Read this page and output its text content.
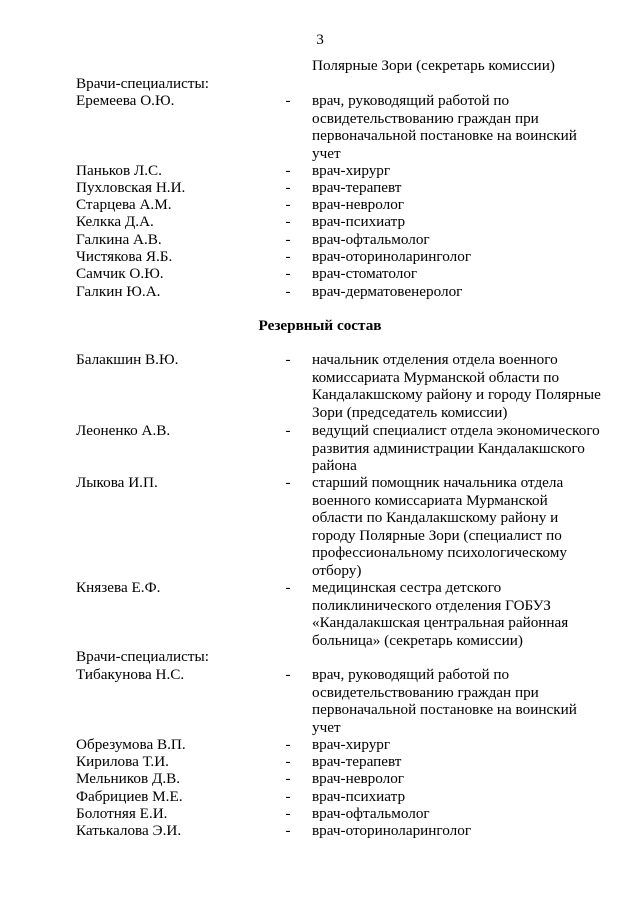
3
Полярные Зори (секретарь комиссии)
Врачи-специалисты:
Еремеева О.Ю.	- врач, руководящий работой по освидетельствованию граждан при первоначальной постановке на воинский учет
Паньков Л.С.	- врач-хирург
Пухловская Н.И.	- врач-терапевт
Старцева А.М.	- врач-невролог
Келкка Д.А.	- врач-психиатр
Галкина А.В.	- врач-офтальмолог
Чистякова Я.Б.	- врач-оториноларинголог
Самчик О.Ю.	- врач-стоматолог
Галкин Ю.А.	- врач-дерматовенеролог
Резервный состав
Балакшин В.Ю.	- начальник отделения отдела военного комиссариата Мурманской области по Кандалакшскому району и городу Полярные Зори (председатель комиссии)
Леоненко А.В.	- ведущий специалист отдела экономического развития администрации Кандалакшского района
Лыкова И.П.	- старший помощник начальника отдела военного комиссариата Мурманской области по Кандалакшскому району и городу Полярные Зори (специалист по профессиональному психологическому отбору)
Князева Е.Ф.	- медицинская сестра детского поликлинического отделения ГОБУЗ «Кандалакшская центральная районная больница» (секретарь комиссии)
Врачи-специалисты:
Тибакунова Н.С.	- врач, руководящий работой по освидетельствованию граждан при первоначальной постановке на воинский учет
Обрезумова В.П.	- врач-хирург
Кирилова Т.И.	- врач-терапевт
Мельников Д.В.	- врач-невролог
Фабрициев М.Е.	- врач-психиатр
Болотняя Е.И.	- врач-офтальмолог
Катькалова Э.И.	- врач-оториноларинголог
